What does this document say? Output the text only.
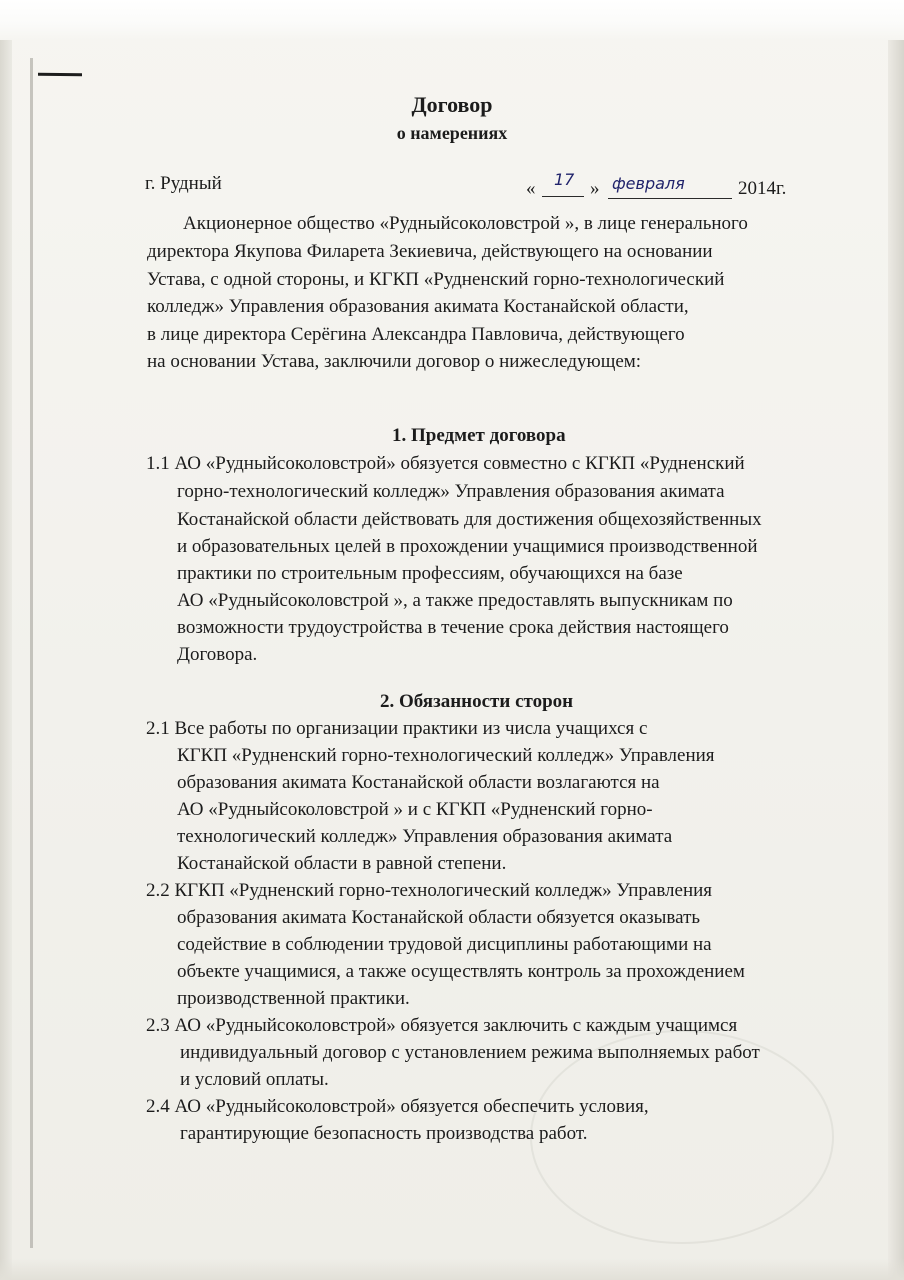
Договор
о намерениях
г. Рудный	« 17 » февраля	2014г.
Акционерное общество «Рудныйсоколовстрой », в лице генерального
директора Якупова Филарета Зекиевича, действующего на основании
Устава, с одной стороны, и КГКП «Рудненский горно-технологический
колледж» Управления образования акимата Костанайской области,
в лице директора Серёгина Александра Павловича, действующего
на основании Устава, заключили договор о нижеследующем:
1. Предмет договора
1.1 АО «Рудныйсоколовстрой» обязуется совместно с КГКП «Рудненский
горно-технологический колледж» Управления образования акимата
Костанайской области действовать для достижения общехозяйственных
и образовательных целей в прохождении учащимися производственной
практики по строительным профессиям, обучающихся на базе
АО «Рудныйсоколовстрой », а также предоставлять выпускникам по
возможности трудоустройства в течение срока действия настоящего
Договора.
2. Обязанности сторон
2.1 Все работы по организации практики из числа учащихся с
КГКП «Рудненский горно-технологический колледж» Управления
образования акимата Костанайской области возлагаются на
АО «Рудныйсоколовстрой » и с КГКП «Рудненский горно-
технологический колледж» Управления образования акимата
Костанайской области в равной степени.
2.2 КГКП «Рудненский горно-технологический колледж» Управления
образования акимата Костанайской области обязуется оказывать
содействие в соблюдении трудовой дисциплины работающими на
объекте учащимися, а также осуществлять контроль за прохождением
производственной практики.
2.3 АО «Рудныйсоколовстрой» обязуется заключить с каждым учащимся
индивидуальный договор с установлением режима выполняемых работ
и условий оплаты.
2.4 АО «Рудныйсоколовстрой» обязуется обеспечить условия,
гарантирующие безопасность производства работ.
